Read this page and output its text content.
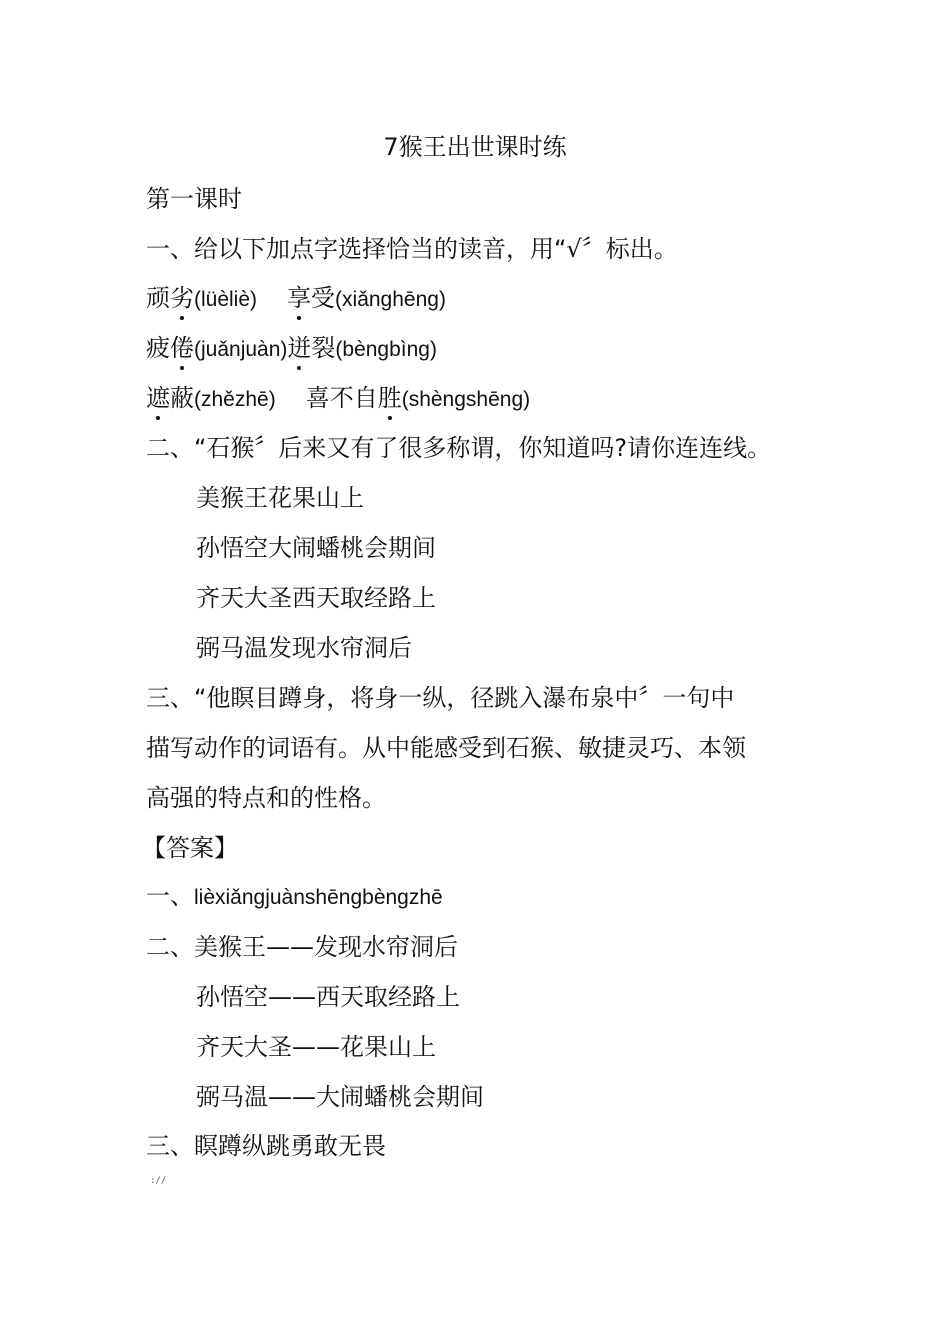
7猴王出世课时练
第一课时
一、给以下加点字选择恰当的读音，用“√〞标出。
顽劣(lüèliè) 享受(xiǎnghēng)
疲倦(juǎnjuàn)迸裂(bèngbìng)
遮蔽(zhězhē) 喜不自胜(shèngshēng)
二、“石猴〞后来又有了很多称谓，你知道吗?请你连连线。
美猴王花果山上
孙悟空大闹蟠桃会期间
齐天大圣西天取经路上
弼马温发现水帘洞后
三、“他瞑目蹲身，将身一纵，径跳入瀑布泉中〞一句中
描写动作的词语有。从中能感受到石猴、敏捷灵巧、本领
高强的特点和的性格。
【答案】
一、lièxiǎngjuànshēngbèngzhē
二、美猴王——发现水帘洞后
孙悟空——西天取经路上
齐天大圣——花果山上
弼马温——大闹蟠桃会期间
三、瞑蹲纵跳勇敢无畏
://
